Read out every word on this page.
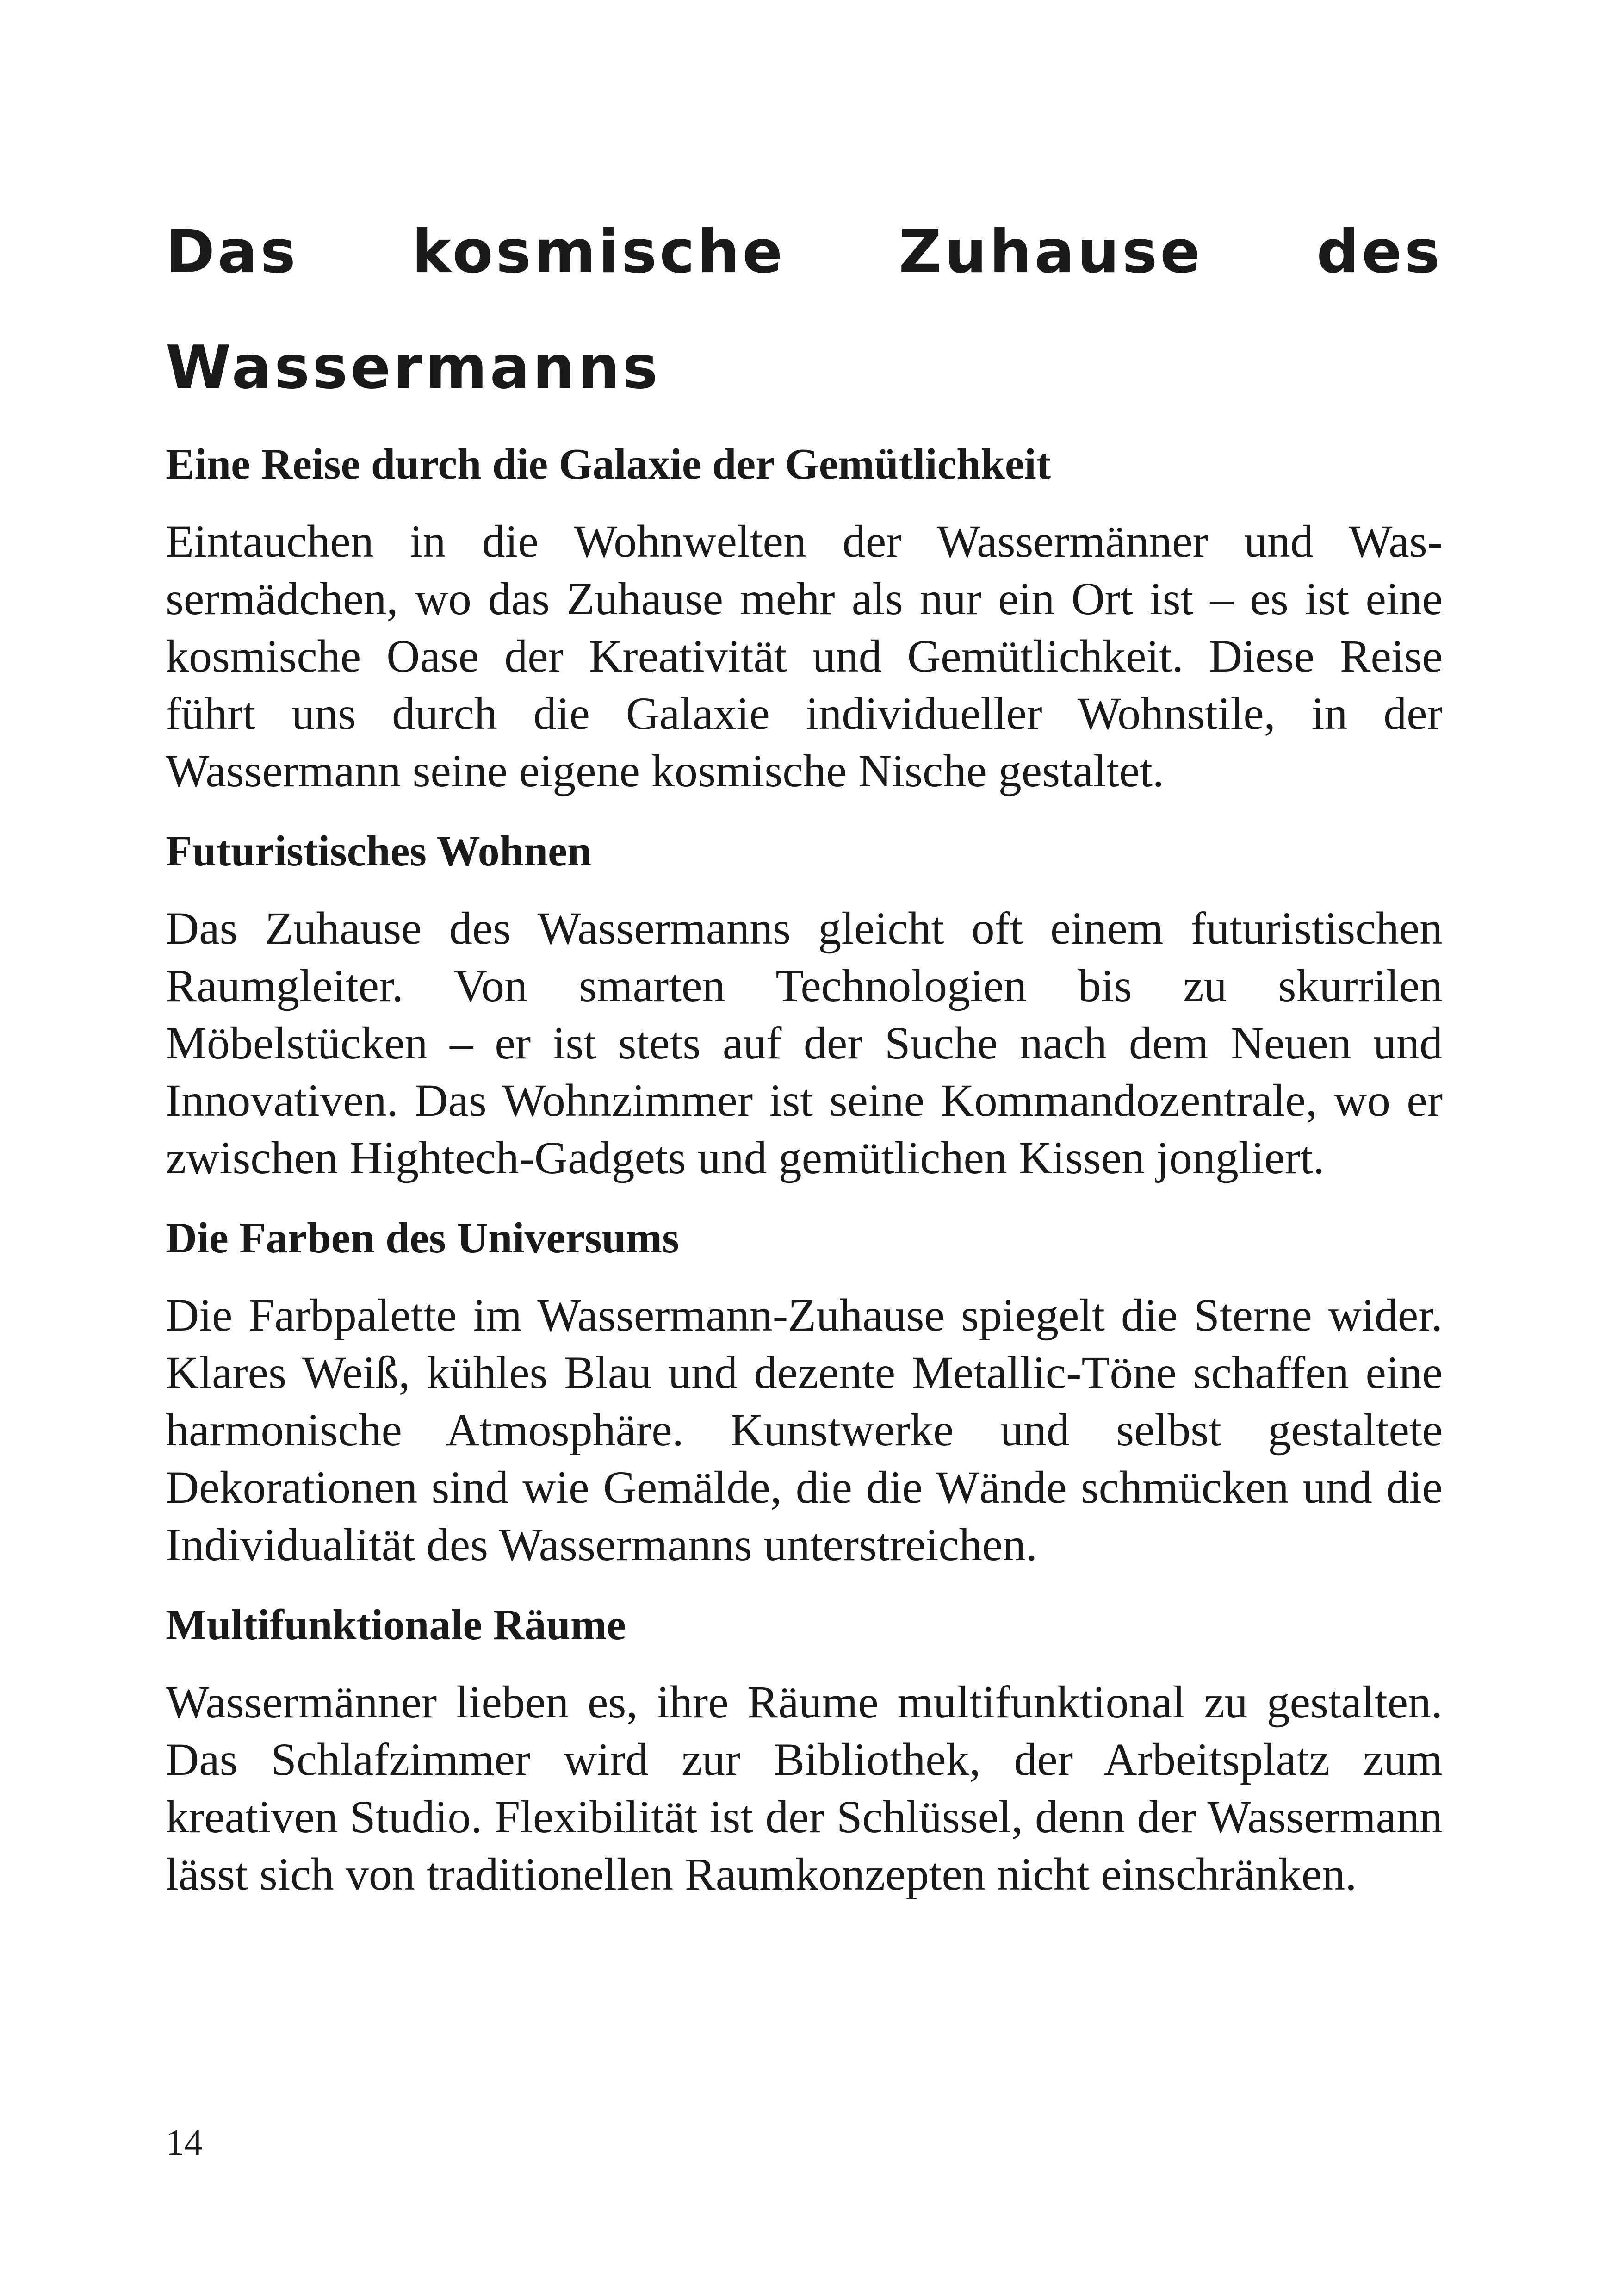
Das kosmische Zuhause des Wassermanns
Eine Reise durch die Galaxie der Gemütlichkeit

Eintauchen in die Wohnwelten der Wassermänner und Wassermädchen, wo das Zuhause mehr als nur ein Ort ist – es ist eine kosmische Oase der Kreativität und Gemütlichkeit. Diese Reise führt uns durch die Galaxie individueller Wohnstile, in der Wassermann seine eigene kosmische Nische gestaltet.

Futuristisches Wohnen

Das Zuhause des Wassermanns gleicht oft einem futuristischen Raumgleiter. Von smarten Technologien bis zu skurrilen Möbelstücken – er ist stets auf der Suche nach dem Neuen und Innovativen. Das Wohnzimmer ist seine Kommandozentrale, wo er zwischen Hightech-Gadgets und gemütlichen Kissen jongliert.

Die Farben des Universums

Die Farbpalette im Wassermann-Zuhause spiegelt die Sterne wider. Klares Weiß, kühles Blau und dezente Metallic-Töne schaffen eine harmonische Atmosphäre. Kunstwerke und selbst gestaltete Dekorationen sind wie Gemälde, die die Wände schmücken und die Individualität des Wassermanns unterstreichen.

Multifunktionale Räume

Wassermänner lieben es, ihre Räume multifunktional zu gestalten. Das Schlafzimmer wird zur Bibliothek, der Arbeitsplatz zum kreativen Studio. Flexibilität ist der Schlüssel, denn der Wassermann lässt sich von traditionellen Raumkonzepten nicht einschränken.

14
